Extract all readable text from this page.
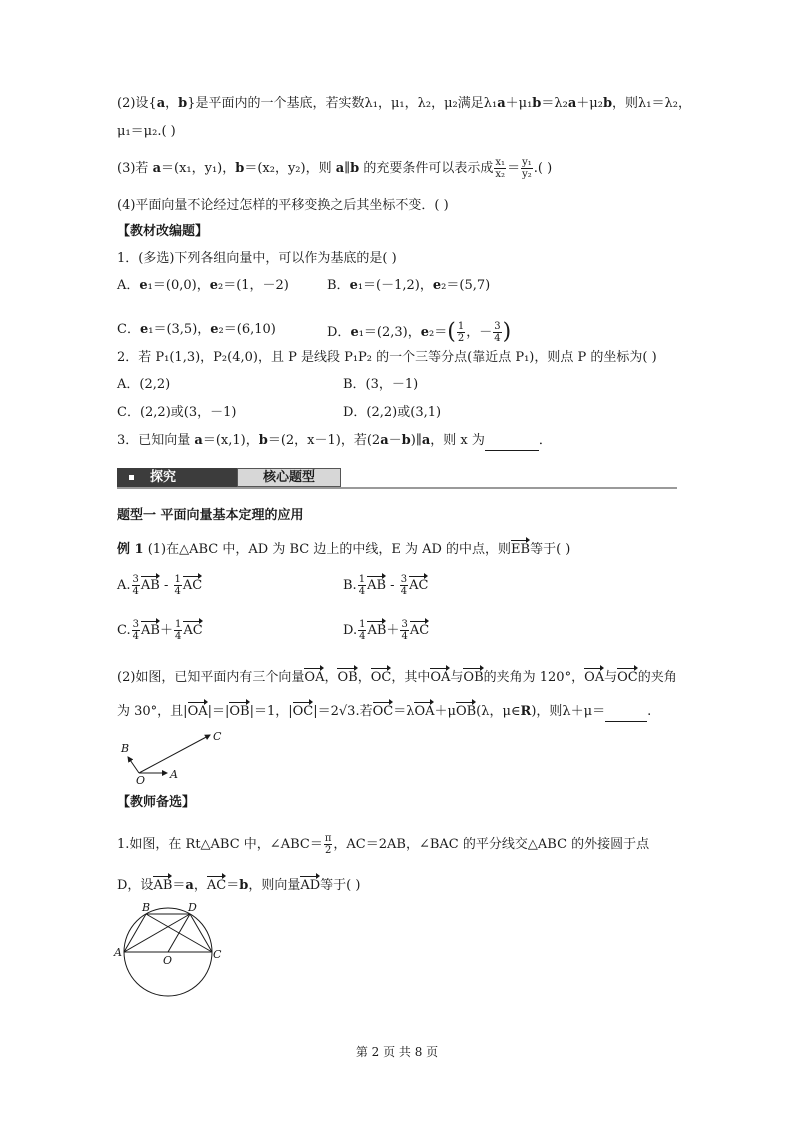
(2)设{a，b}是平面内的一个基底，若实数λ₁，μ₁，λ₂，μ₂满足λ₁a＋μ₁b＝λ₂a＋μ₂b，则λ₁＝λ₂，
μ₁＝μ₂.( )
(3)若 a＝(x₁，y₁)，b＝(x₂，y₂)，则 a∥b 的充要条件可以表示成 $\frac{\text{x₁}}{\text{x₂}} = \frac{\text{y₁}}{\text{y₂}}$ .( )
(4)平面向量不论经过怎样的平移变换之后其坐标不变．( )
【教材改编题】
1．(多选)下列各组向量中，可以作为基底的是( )
A．e₁＝(0,0)，e₂＝(1，－2)	B．e₁＝(－1,2)，e₂＝(5,7)
C．e₁＝(3,5)，e₂＝(6,10)	D．e₁＝(2,3)，$e_2=( \frac{1}{2}$ ，－ $\frac{3}{4}$ )
2．若 P₁(1,3)，P₂(4,0)，且 P 是线段 P₁P₂ 的一个三等分点(靠近点 P₁)，则点 P 的坐标为( )
A．(2,2)	B．(3，－1)
C．(2,2)或(3，－1)	D．(2,2)或(3,1)
3．已知向量 a＝(x,1)，b＝(2，x－1)，若(2a－b)∥a，则 x 为	．
探究	核心题型
题型一 平面向量基本定理的应用
例 1 (1)在△ABC 中，AD 为 BC 边上的中线，E 为 AD 的中点，则EB等于( )
A. $\frac{3}{4}$ AB - $\frac{1}{4}$ AC	B. $\frac{1}{4}$ AB - $\frac{3}{4}$ AC
C. $\frac{3}{4} AB+ \frac{1}{4}$ AC	D. $\frac{1}{4} AB+ \frac{3}{4}$ AC
(2)如图，已知平面内有三个向量OA，OB，OC，其中OA与OB的夹角为 120°，OA与OC的夹角
为 30°，且|OA|＝|OB|＝1，|OC|＝2√3.若OC＝λOA＋μOB(λ，μ∈R)，则λ＋μ＝	.
B
C
O A
【教师备选】
1.如图，在 Rt△ABC 中，∠ABC＝ $\frac{\pi}{2}$ ，AC＝2AB，∠BAC 的平分线交△ABC 的外接圆于点
D，设AB＝a，AC＝b，则向量AD等于( )
B	D
A
O	C
第 2 页 共 8 页
